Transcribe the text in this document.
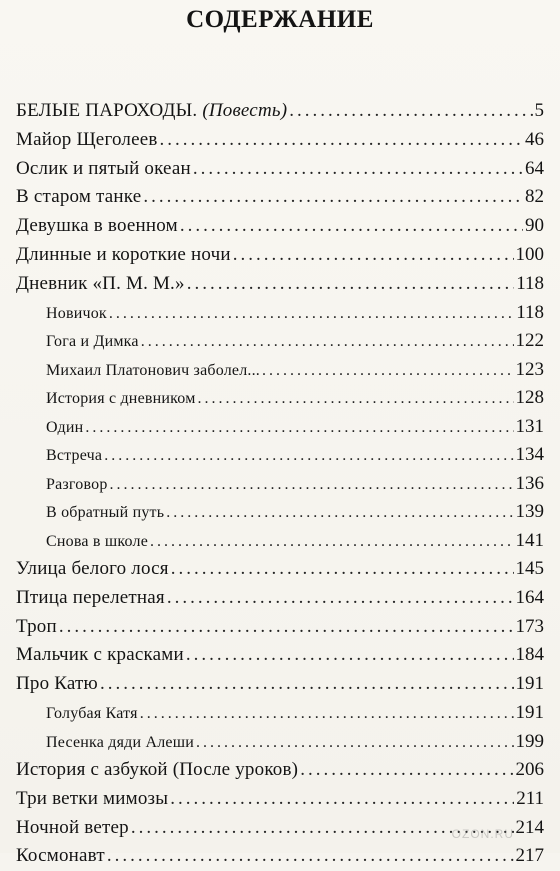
СОДЕРЖАНИЕ
БЕЛЫЕ ПАРОХОДЫ. (Повесть) .....	5
Майор Щеголеев .....	46
Ослик и пятый океан .....	64
В старом танке .....	82
Девушка в военном .....	90
Длинные и короткие ночи .....	100
Дневник «П. М. М.» .....	118
Новичок .....	118
Гога и Димка .....	122
Михаил Платонович заболел... .....	123
История с дневником .....	128
Один .....	131
Встреча .....	134
Разговор .....	136
В обратный путь .....	139
Снова в школе .....	141
Улица белого лося .....	145
Птица перелетная .....	164
Троп .....	173
Мальчик с красками .....	184
Про Катю .....	191
Голубая Катя .....	191
Песенка дяди Алеши .....	199
История с азбукой (После уроков) .....	206
Три ветки мимозы .....	211
Ночной ветер .....	214
Космонавт .....	217
OZON.RU
